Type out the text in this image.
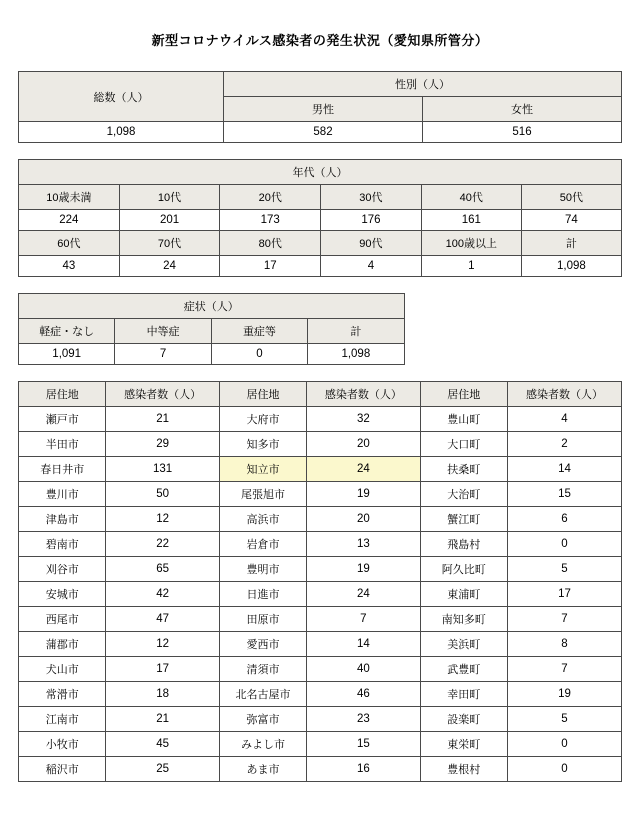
新型コロナウイルス感染者の発生状況（愛知県所管分）
総数（人）	性別（人）	
	男性	女性
1,098	582	516
年代（人）					
10歳未満	10代	20代	30代	40代	50代
224	201	173	176	161	74
60代	70代	80代	90代	100歳以上	計
43	24	17	4	1	1,098
症状（人）			
軽症・なし	中等症	重症等	計
1,091	7	0	1,098
居住地	感染者数（人）	居住地	感染者数（人）	居住地	感染者数（人）
瀬戸市	21	大府市	32	豊山町	4
半田市	29	知多市	20	大口町	2
春日井市	131	知立市	24	扶桑町	14
豊川市	50	尾張旭市	19	大治町	15
津島市	12	高浜市	20	蟹江町	6
碧南市	22	岩倉市	13	飛島村	0
刈谷市	65	豊明市	19	阿久比町	5
安城市	42	日進市	24	東浦町	17
西尾市	47	田原市	7	南知多町	7
蒲郡市	12	愛西市	14	美浜町	8
犬山市	17	清須市	40	武豊町	7
常滑市	18	北名古屋市	46	幸田町	19
江南市	21	弥富市	23	設楽町	5
小牧市	45	みよし市	15	東栄町	0
稲沢市	25	あま市	16	豊根村	0
